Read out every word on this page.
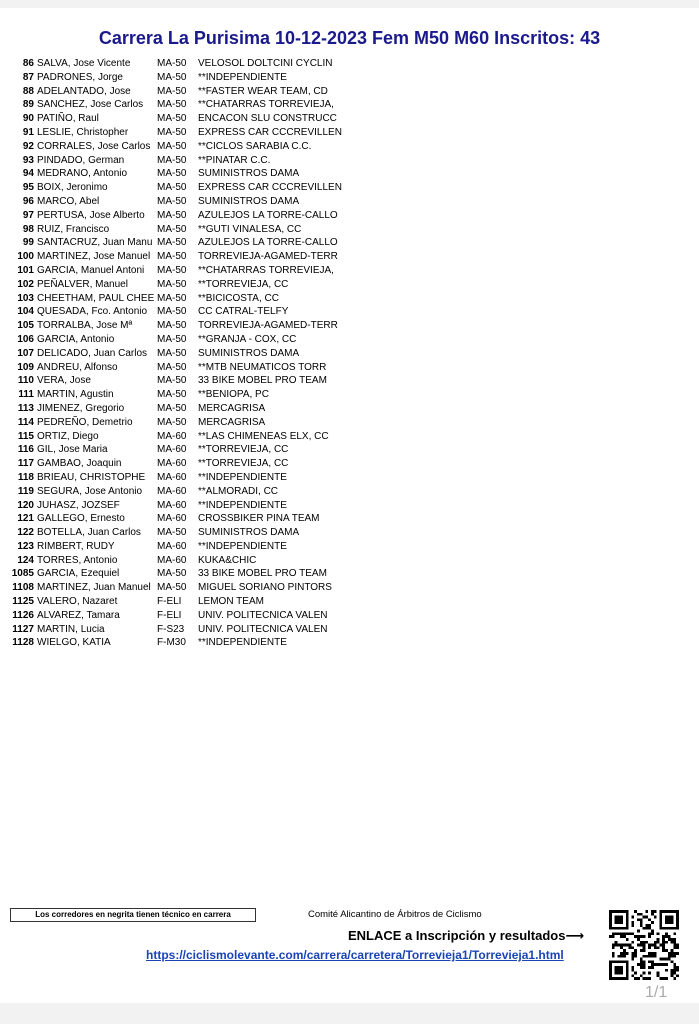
Carrera La Purisima 10-12-2023 Fem M50 M60 Inscritos: 43
86 SALVA, Jose Vicente	MA-50	VELOSOL DOLTCINI CYCLIN
87 PADRONES, Jorge	MA-50	**INDEPENDIENTE
88 ADELANTADO, Jose	MA-50	**FASTER WEAR TEAM, CD
89 SANCHEZ, Jose Carlos	MA-50	**CHATARRAS TORREVIEJA,
90 PATIÑO, Raul	MA-50	ENCACON SLU CONSTRUCC
91 LESLIE, Christopher	MA-50	EXPRESS CAR CCCREVILLEN
92 CORRALES, Jose Carlos MA-50	**CICLOS SARABIA C.C.
93 PINDADO, German	MA-50	**PINATAR C.C.
94 MEDRANO, Antonio	MA-50	SUMINISTROS DAMA
95 BOIX, Jeronimo	MA-50	EXPRESS CAR CCCREVILLEN
96 MARCO, Abel	MA-50	SUMINISTROS DAMA
97 PERTUSA, Jose Alberto	MA-50	AZULEJOS LA TORRE-CALLO
98 RUIZ, Francisco	MA-50	**GUTI VINALESA, CC
99 SANTACRUZ, Juan Manu MA-50	AZULEJOS LA TORRE-CALLO
100 MARTINEZ, Jose Manuel MA-50	TORREVIEJA-AGAMED-TERR
101 GARCIA, Manuel Antoni	MA-50	**CHATARRAS TORREVIEJA,
102 PEÑALVER, Manuel	MA-50	**TORREVIEJA, CC
103 CHEETHAM, PAUL CHEE MA-50	**BICICOSTA, CC
104 QUESADA, Fco. Antonio MA-50	CC CATRAL-TELFY
105 TORRALBA, Jose Mª	MA-50	TORREVIEJA-AGAMED-TERR
106 GARCIA, Antonio	MA-50	**GRANJA - COX, CC
107 DELICADO, Juan Carlos MA-50	SUMINISTROS DAMA
109 ANDREU, Alfonso	MA-50	**MTB NEUMATICOS TORR
110 VERA, Jose	MA-50	33 BIKE MOBEL PRO TEAM
111 MARTIN, Agustin	MA-50	**BENIOPA, PC
113 JIMENEZ, Gregorio	MA-50	MERCAGRISA
114 PEDREÑO, Demetrio	MA-50	MERCAGRISA
115 ORTIZ, Diego	MA-60	**LAS CHIMENEAS ELX, CC
116 GIL, Jose Maria	MA-60	**TORREVIEJA, CC
117 GAMBAO, Joaquin	MA-60	**TORREVIEJA, CC
118 BRIEAU, CHRISTOPHE	MA-60	**INDEPENDIENTE
119 SEGURA, Jose Antonio	MA-60	**ALMORADI, CC
120 JUHASZ, JOZSEF	MA-60	**INDEPENDIENTE
121 GALLEGO, Ernesto	MA-60	CROSSBIKER PINA TEAM
122 BOTELLA, Juan Carlos	MA-50	SUMINISTROS DAMA
123 RIMBERT, RUDY	MA-60	**INDEPENDIENTE
124 TORRES, Antonio	MA-60	KUKA&CHIC
1085 GARCIA, Ezequiel	MA-50	33 BIKE MOBEL PRO TEAM
1108 MARTINEZ, Juan Manuel MA-50	MIGUEL SORIANO PINTORS
1125 VALERO, Nazaret	F-ELI	LEMON TEAM
1126 ALVAREZ, Tamara	F-ELI	UNIV. POLITECNICA VALEN
1127 MARTIN, Lucia	F-S23	UNIV. POLITECNICA VALEN
1128 WIELGO, KATIA	F-M30	**INDEPENDIENTE
Los corredores en negrita tienen técnico en carrera	Comité Alicantino de Árbitros de Ciclismo
ENLACE a Inscripción y resultados⟶
https://ciclismolevante.com/carrera/carretera/Torrevieja1/Torrevieja1.html
1/1
